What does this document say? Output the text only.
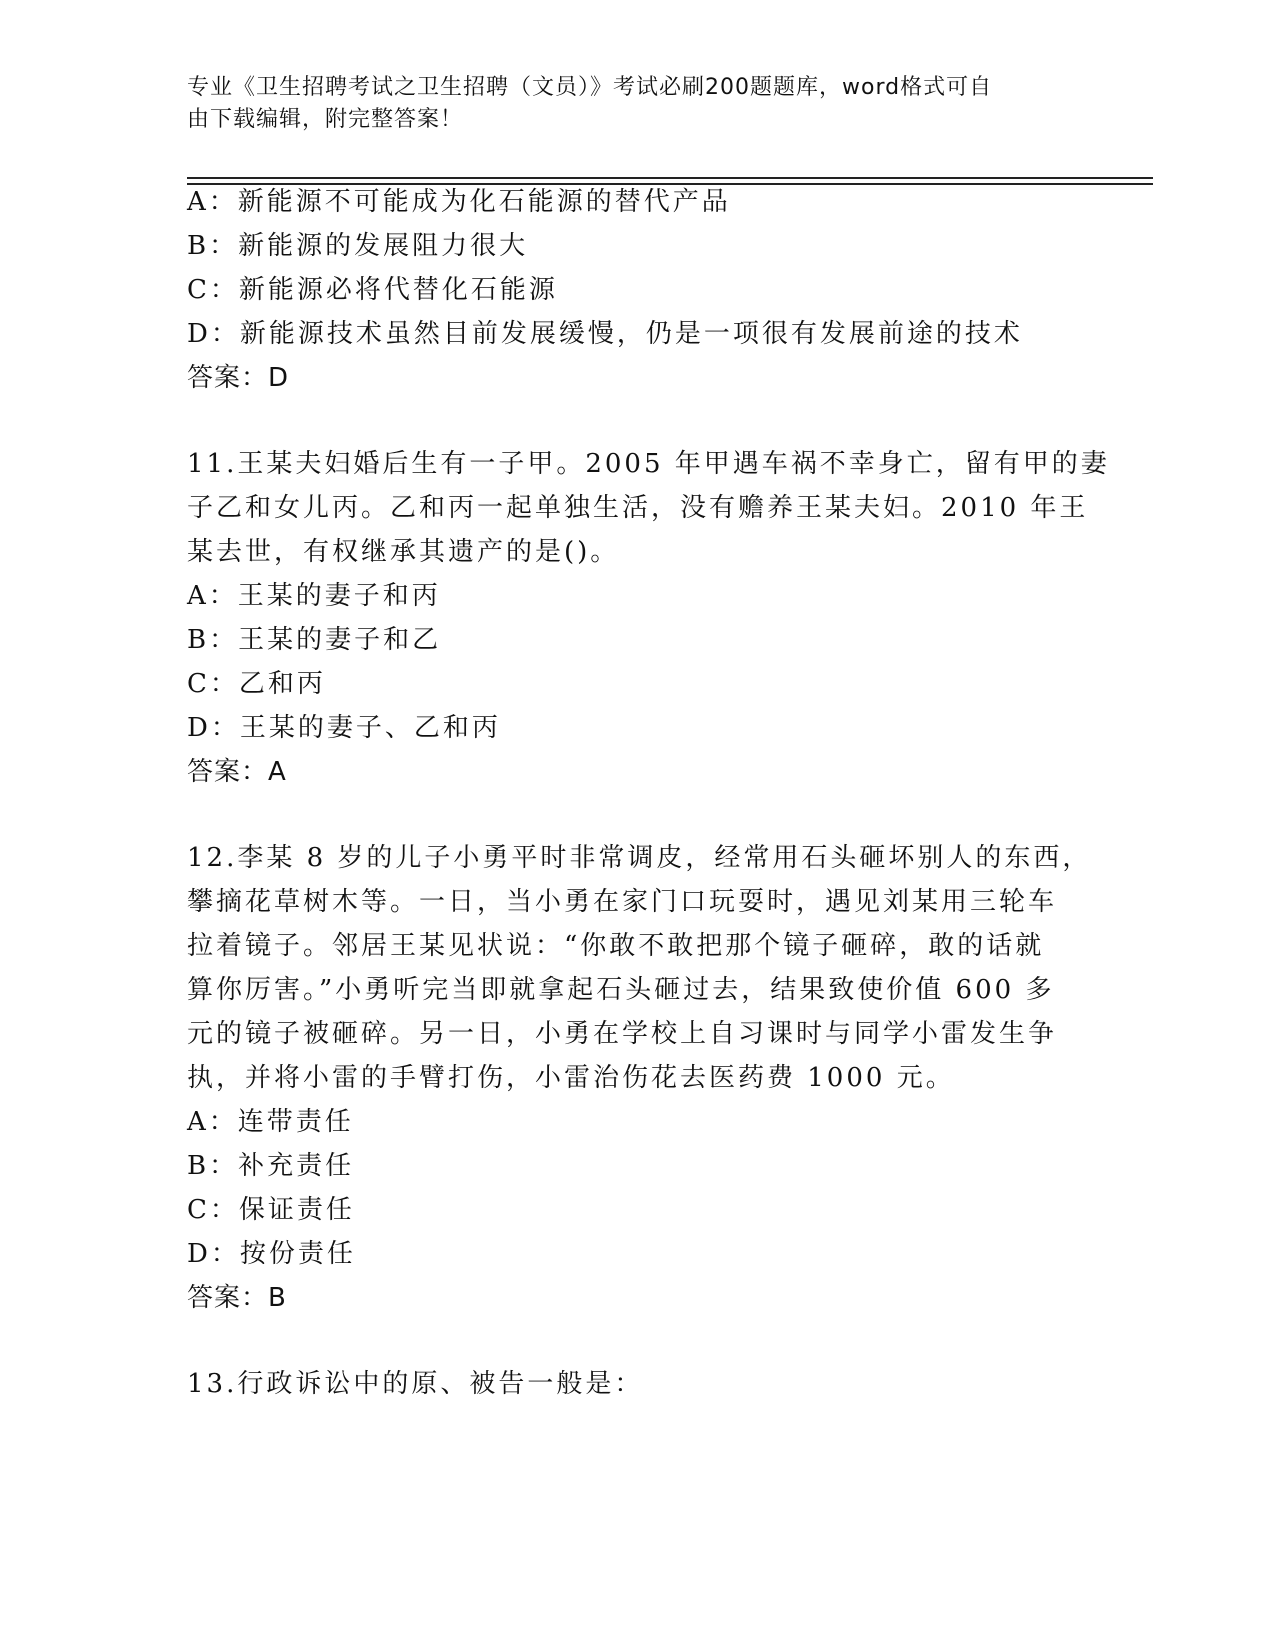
专业《卫生招聘考试之卫生招聘（文员）》考试必刷200题题库，word格式可自
由下载编辑，附完整答案！
A：新能源不可能成为化石能源的替代产品
B：新能源的发展阻力很大
C：新能源必将代替化石能源
D：新能源技术虽然目前发展缓慢，仍是一项很有发展前途的技术
答案：D
11.王某夫妇婚后生有一子甲。2005 年甲遇车祸不幸身亡，留有甲的妻
子乙和女儿丙。乙和丙一起单独生活，没有赡养王某夫妇。2010 年王
某去世，有权继承其遗产的是()。
A：王某的妻子和丙
B：王某的妻子和乙
C：乙和丙
D：王某的妻子、乙和丙
答案：A
12.李某 8 岁的儿子小勇平时非常调皮，经常用石头砸坏别人的东西，
攀摘花草树木等。一日，当小勇在家门口玩耍时，遇见刘某用三轮车
拉着镜子。邻居王某见状说：“你敢不敢把那个镜子砸碎，敢的话就
算你厉害。”小勇听完当即就拿起石头砸过去，结果致使价值 600 多
元的镜子被砸碎。另一日，小勇在学校上自习课时与同学小雷发生争
执，并将小雷的手臂打伤，小雷治伤花去医药费 1000 元。
A：连带责任
B：补充责任
C：保证责任
D：按份责任
答案：B
13.行政诉讼中的原、被告一般是：
